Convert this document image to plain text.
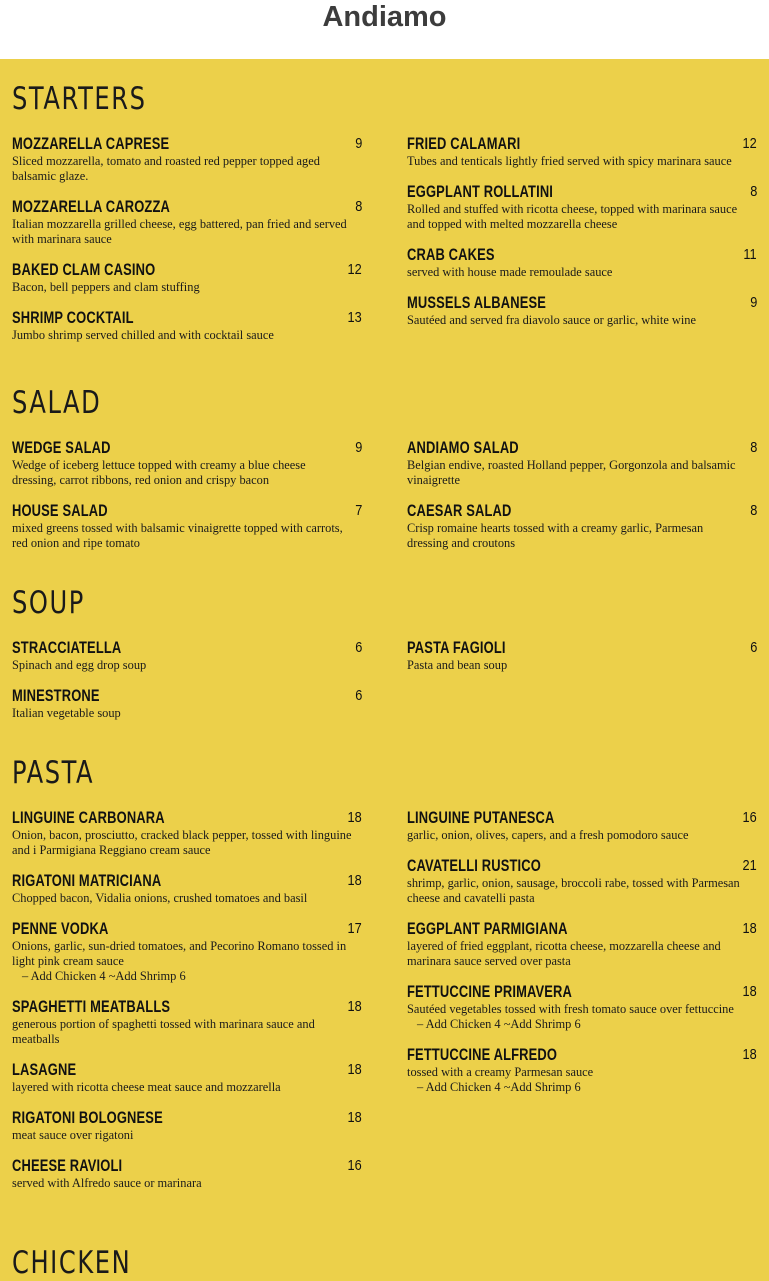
Andiamo
STARTERS
MOZZARELLA CAPRESE	9

Sliced mozzarella, tomato and roasted red pepper topped aged balsamic glaze.

MOZZARELLA CAROZZA	8

Italian mozzarella grilled cheese, egg battered, pan fried and served with marinara sauce

BAKED CLAM CASINO	12

Bacon, bell peppers and clam stuffing

SHRIMP COCKTAIL	13

Jumbo shrimp served chilled and with cocktail sauce

FRIED CALAMARI	12

Tubes and tenticals lightly fried served with spicy marinara sauce

EGGPLANT ROLLATINI	8

Rolled and stuffed with ricotta cheese, topped with marinara sauce and topped with melted mozzarella cheese

CRAB CAKES	11

served with house made remoulade sauce

MUSSELS ALBANESE	9

Sautéed and served fra diavolo sauce or garlic, white wine

SALAD
WEDGE SALAD	9

Wedge of iceberg lettuce topped with creamy a blue cheese dressing, carrot ribbons, red onion and crispy bacon

HOUSE SALAD	7

mixed greens tossed with balsamic vinaigrette topped with carrots, red onion and ripe tomato

ANDIAMO SALAD	8

Belgian endive, roasted Holland pepper, Gorgonzola and balsamic vinaigrette

CAESAR SALAD	8

Crisp romaine hearts tossed with a creamy garlic, Parmesan dressing and croutons

SOUP
STRACCIATELLA	6

Spinach and egg drop soup

MINESTRONE	6

Italian vegetable soup

PASTA FAGIOLI	6

Pasta and bean soup

PASTA
LINGUINE CARBONARA	18

Onion, bacon, prosciutto, cracked black pepper, tossed with linguine and i Parmigiana Reggiano cream sauce

RIGATONI MATRICIANA	18

Chopped bacon, Vidalia onions, crushed tomatoes and basil

PENNE VODKA	17

Onions, garlic, sun-dried tomatoes, and Pecorino Romano tossed in light pink cream sauce

– Add Chicken 4 ~Add Shrimp 6

SPAGHETTI MEATBALLS	18

generous portion of spaghetti tossed with marinara sauce and meatballs

LASAGNE	18

layered with ricotta cheese meat sauce and mozzarella

RIGATONI BOLOGNESE	18

meat sauce over rigatoni

CHEESE RAVIOLI	16

served with Alfredo sauce or marinara

LINGUINE PUTANESCA	16

garlic, onion, olives, capers, and a fresh pomodoro sauce

CAVATELLI RUSTICO	21

shrimp, garlic, onion, sausage, broccoli rabe, tossed with Parmesan cheese and cavatelli pasta

EGGPLANT PARMIGIANA	18

layered of fried eggplant, ricotta cheese, mozzarella cheese and marinara sauce served over pasta

FETTUCCINE PRIMAVERA	18

Sautéed vegetables tossed with fresh tomato sauce over fettuccine

– Add Chicken 4 ~Add Shrimp 6

FETTUCCINE ALFREDO	18

tossed with a creamy Parmesan sauce

– Add Chicken 4 ~Add Shrimp 6

CHICKEN
